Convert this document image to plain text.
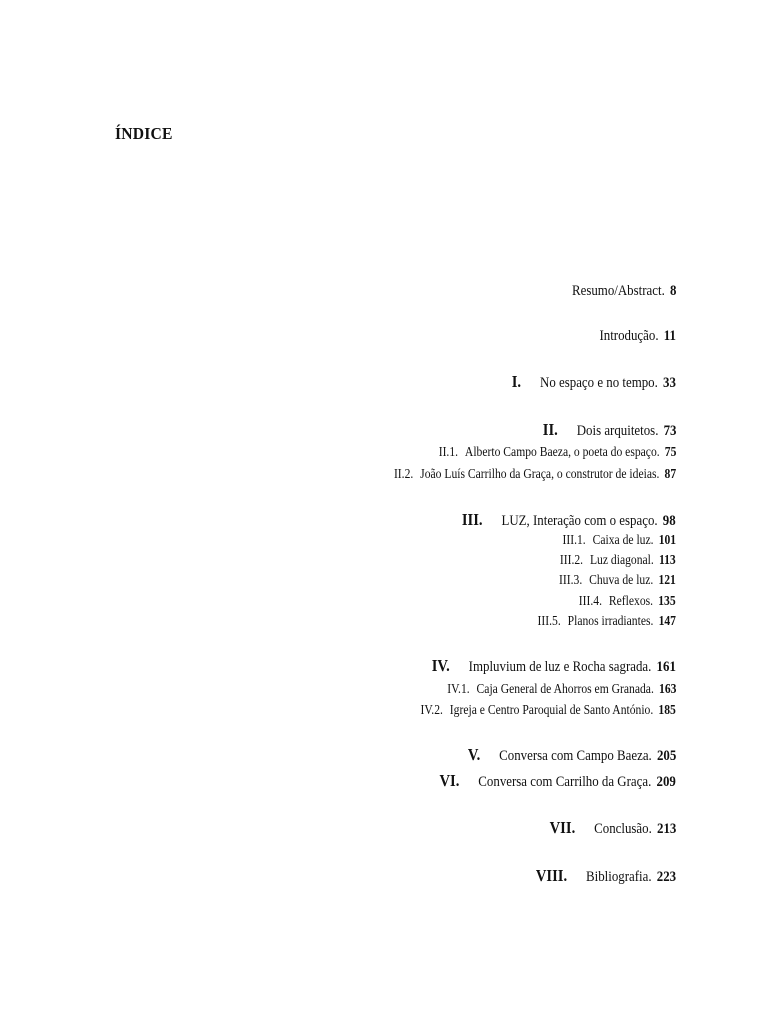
ÍNDICE
Resumo/Abstract. 8
Introdução. 11
I. No espaço e no tempo. 33
II. Dois arquitetos. 73
II.1. Alberto Campo Baeza, o poeta do espaço. 75
II.2. João Luís Carrilho da Graça, o construtor de ideias. 87
III. LUZ, Interação com o espaço. 98
III.1. Caixa de luz. 101
III.2. Luz diagonal. 113
III.3. Chuva de luz. 121
III.4. Reflexos. 135
III.5. Planos irradiantes. 147
IV. Impluvium de luz e Rocha sagrada. 161
IV.1. Caja General de Ahorros em Granada. 163
IV.2. Igreja e Centro Paroquial de Santo António. 185
V. Conversa com Campo Baeza. 205
VI. Conversa com Carrilho da Graça. 209
VII. Conclusão. 213
VIII. Bibliografia. 223
